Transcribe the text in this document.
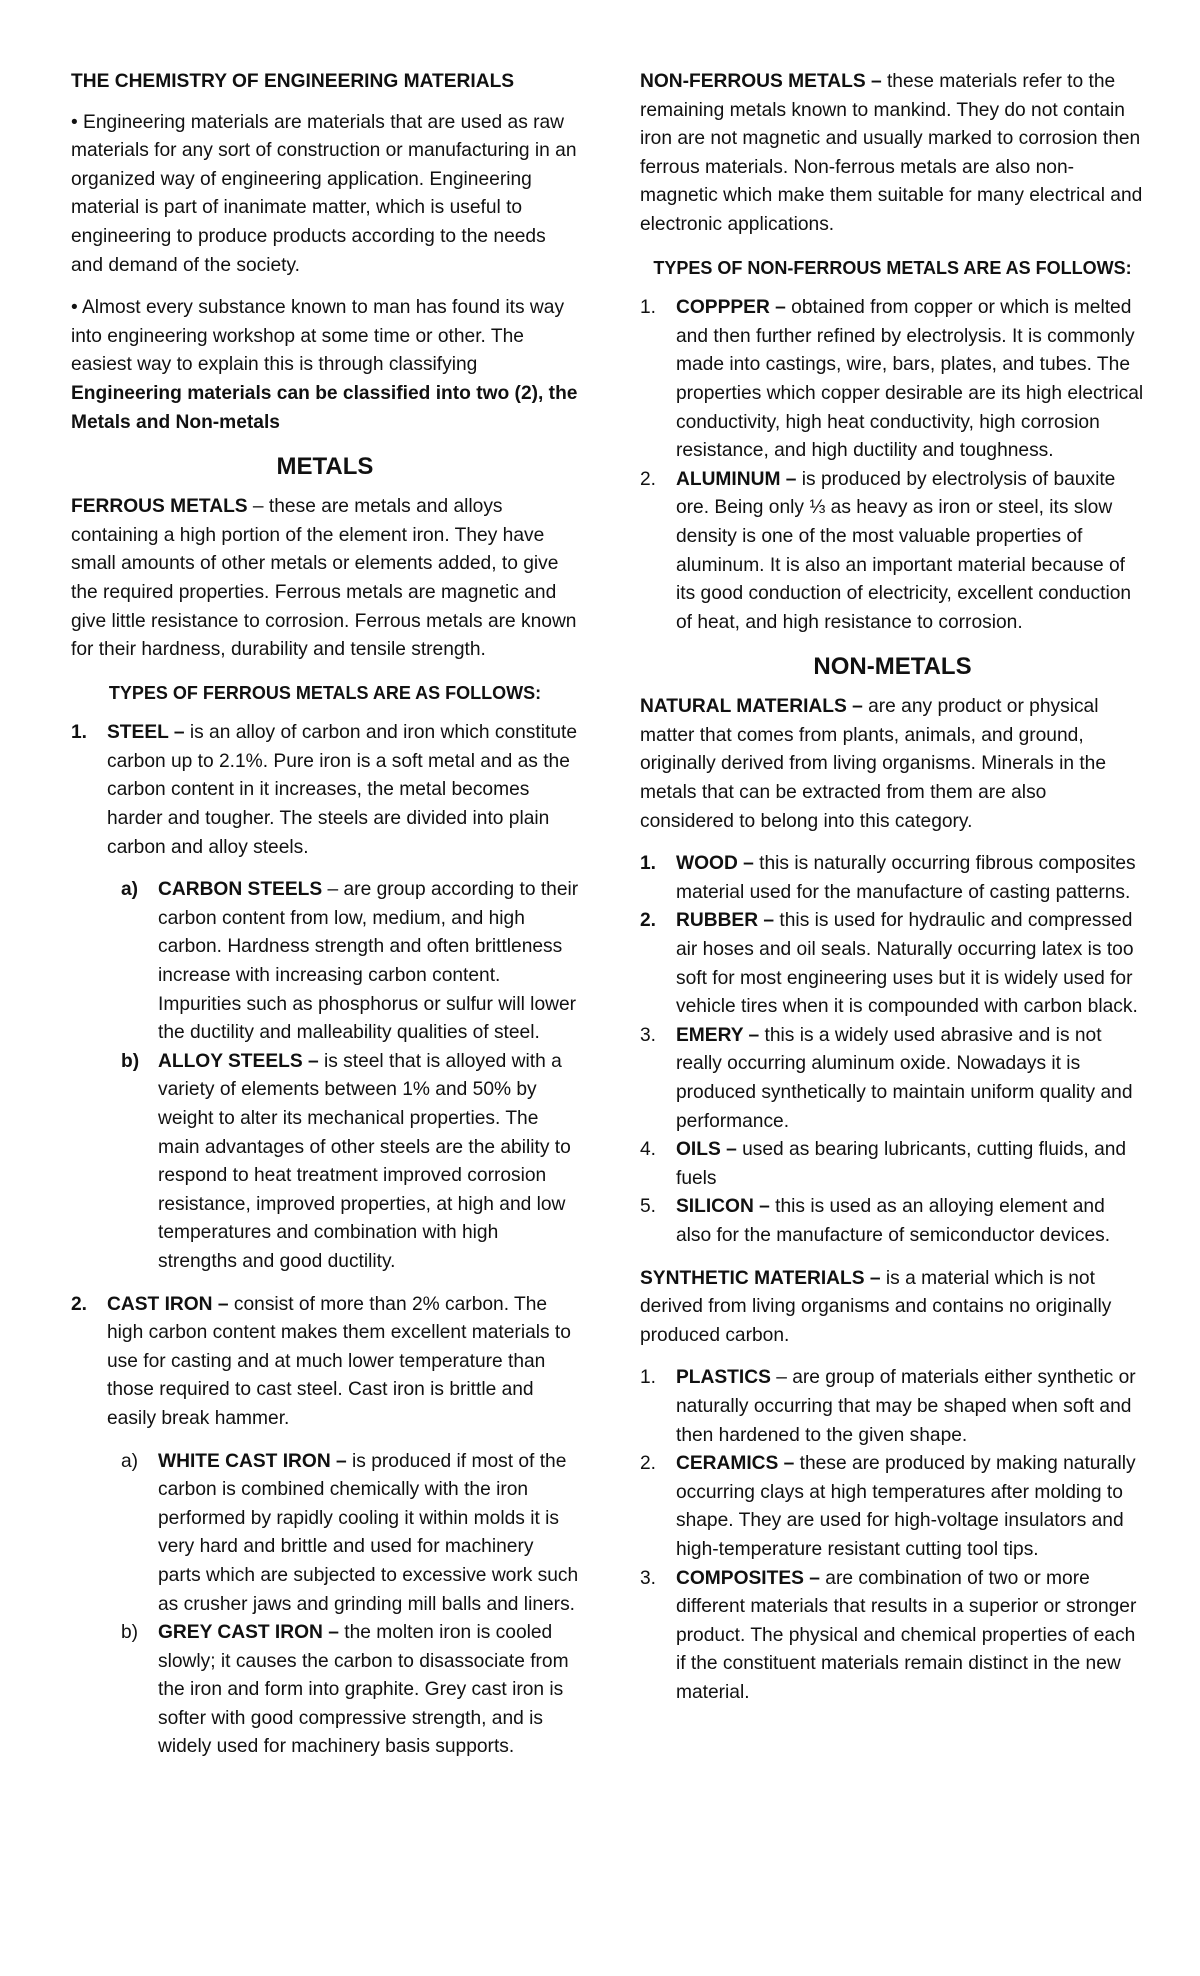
THE CHEMISTRY OF ENGINEERING MATERIALS

• Engineering materials are materials that are used as raw materials for any sort of construction or manufacturing in an organized way of engineering application. Engineering material is part of inanimate matter, which is useful to engineering to produce products according to the needs and demand of the society.

• Almost every substance known to man has found its way into engineering workshop at some time or other. The easiest way to explain this is through classifying Engineering materials can be classified into two (2), the Metals and Non-metals

METALS

FERROUS METALS – these are metals and alloys containing a high portion of the element iron. They have small amounts of other metals or elements added, to give the required properties. Ferrous metals are magnetic and give little resistance to corrosion. Ferrous metals are known for their hardness, durability and tensile strength.

TYPES OF FERROUS METALS ARE AS FOLLOWS:
1. STEEL – is an alloy of carbon and iron which constitute carbon up to 2.1%. Pure iron is a soft metal and as the carbon content in it increases, the metal becomes harder and tougher. The steels are divided into plain carbon and alloy steels.
a) CARBON STEELS – are group according to their carbon content from low, medium, and high carbon. Hardness strength and often brittleness increase with increasing carbon content. Impurities such as phosphorus or sulfur will lower the ductility and malleability qualities of steel.
b) ALLOY STEELS – is steel that is alloyed with a variety of elements between 1% and 50% by weight to alter its mechanical properties. The main advantages of other steels are the ability to respond to heat treatment improved corrosion resistance, improved properties, at high and low temperatures and combination with high strengths and good ductility.
2. CAST IRON – consist of more than 2% carbon. The high carbon content makes them excellent materials to use for casting and at much lower temperature than those required to cast steel. Cast iron is brittle and easily break hammer.
a) WHITE CAST IRON – is produced if most of the carbon is combined chemically with the iron performed by rapidly cooling it within molds it is very hard and brittle and used for machinery parts which are subjected to excessive work such as crusher jaws and grinding mill balls and liners.
b) GREY CAST IRON – the molten iron is cooled slowly; it causes the carbon to disassociate from the iron and form into graphite. Grey cast iron is softer with good compressive strength, and is widely used for machinery basis supports.

NON-FERROUS METALS – these materials refer to the remaining metals known to mankind. They do not contain iron are not magnetic and usually marked to corrosion then ferrous materials. Non-ferrous metals are also non-magnetic which make them suitable for many electrical and electronic applications.

TYPES OF NON-FERROUS METALS ARE AS FOLLOWS:
1. COPPPER – obtained from copper or which is melted and then further refined by electrolysis. It is commonly made into castings, wire, bars, plates, and tubes. The properties which copper desirable are its high electrical conductivity, high heat conductivity, high corrosion resistance, and high ductility and toughness.
2. ALUMINUM – is produced by electrolysis of bauxite ore. Being only ⅓ as heavy as iron or steel, its slow density is one of the most valuable properties of aluminum. It is also an important material because of its good conduction of electricity, excellent conduction of heat, and high resistance to corrosion.
NON-METALS

NATURAL MATERIALS – are any product or physical matter that comes from plants, animals, and ground, originally derived from living organisms. Minerals in the metals that can be extracted from them are also considered to belong into this category.

1. WOOD – this is naturally occurring fibrous composites material used for the manufacture of casting patterns.
2. RUBBER – this is used for hydraulic and compressed air hoses and oil seals. Naturally occurring latex is too soft for most engineering uses but it is widely used for vehicle tires when it is compounded with carbon black.
3. EMERY – this is a widely used abrasive and is not really occurring aluminum oxide. Nowadays it is produced synthetically to maintain uniform quality and performance.
4. OILS – used as bearing lubricants, cutting fluids, and fuels
5. SILICON – this is used as an alloying element and also for the manufacture of semiconductor devices.

SYNTHETIC MATERIALS – is a material which is not derived from living organisms and contains no originally produced carbon.

1. PLASTICS – are group of materials either synthetic or naturally occurring that may be shaped when soft and then hardened to the given shape.
2. CERAMICS – these are produced by making naturally occurring clays at high temperatures after molding to shape. They are used for high-voltage insulators and high-temperature resistant cutting tool tips.
3. COMPOSITES – are combination of two or more different materials that results in a superior or stronger product. The physical and chemical properties of each if the constituent materials remain distinct in the new material.
